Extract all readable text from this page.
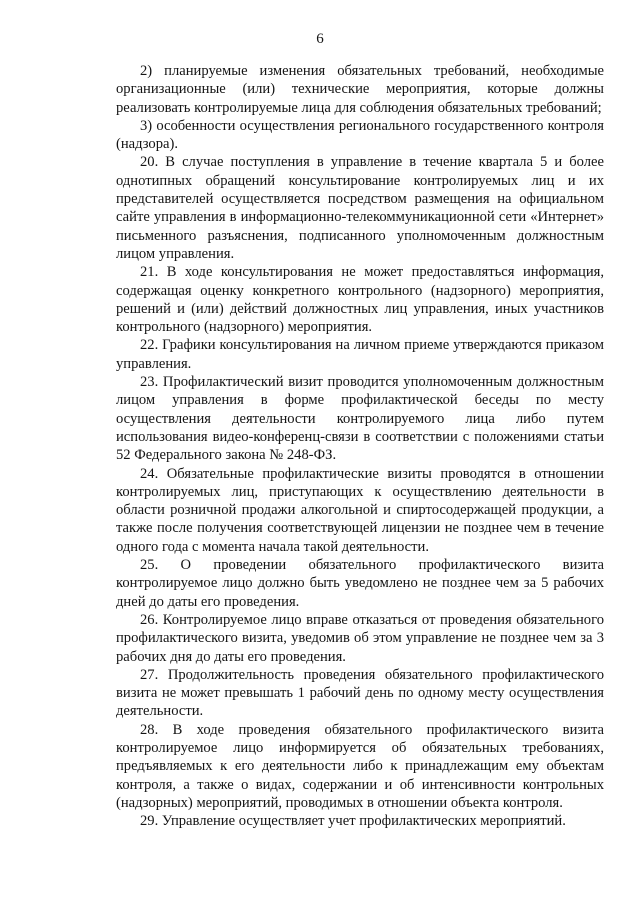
6

2) планируемые изменения обязательных требований, необходимые организационные (или) технические мероприятия, которые должны реализовать контролируемые лица для соблюдения обязательных требований;

3) особенности осуществления регионального государственного контроля (надзора).

20. В случае поступления в управление в течение квартала 5 и более однотипных обращений консультирование контролируемых лиц и их представителей осуществляется посредством размещения на официальном сайте управления в информационно-телекоммуникационной сети «Интернет» письменного разъяснения, подписанного уполномоченным должностным лицом управления.

21. В ходе консультирования не может предоставляться информация, содержащая оценку конкретного контрольного (надзорного) мероприятия, решений и (или) действий должностных лиц управления, иных участников контрольного (надзорного) мероприятия.

22. Графики консультирования на личном приеме утверждаются приказом управления.

23. Профилактический визит проводится уполномоченным должностным лицом управления в форме профилактической беседы по месту осуществления деятельности контролируемого лица либо путем использования видео-конференц-связи в соответствии с положениями статьи 52 Федерального закона № 248-ФЗ.

24. Обязательные профилактические визиты проводятся в отношении контролируемых лиц, приступающих к осуществлению деятельности в области розничной продажи алкогольной и спиртосодержащей продукции, а также после получения соответствующей лицензии не позднее чем в течение одного года с момента начала такой деятельности.

25. О проведении обязательного профилактического визита контролируемое лицо должно быть уведомлено не позднее чем за 5 рабочих дней до даты его проведения.

26. Контролируемое лицо вправе отказаться от проведения обязательного профилактического визита, уведомив об этом управление не позднее чем за 3 рабочих дня до даты его проведения.

27. Продолжительность проведения обязательного профилактического визита не может превышать 1 рабочий день по одному месту осуществления деятельности.

28. В ходе проведения обязательного профилактического визита контролируемое лицо информируется об обязательных требованиях, предъявляемых к его деятельности либо к принадлежащим ему объектам контроля, а также о видах, содержании и об интенсивности контрольных (надзорных) мероприятий, проводимых в отношении объекта контроля.

29. Управление осуществляет учет профилактических мероприятий.
